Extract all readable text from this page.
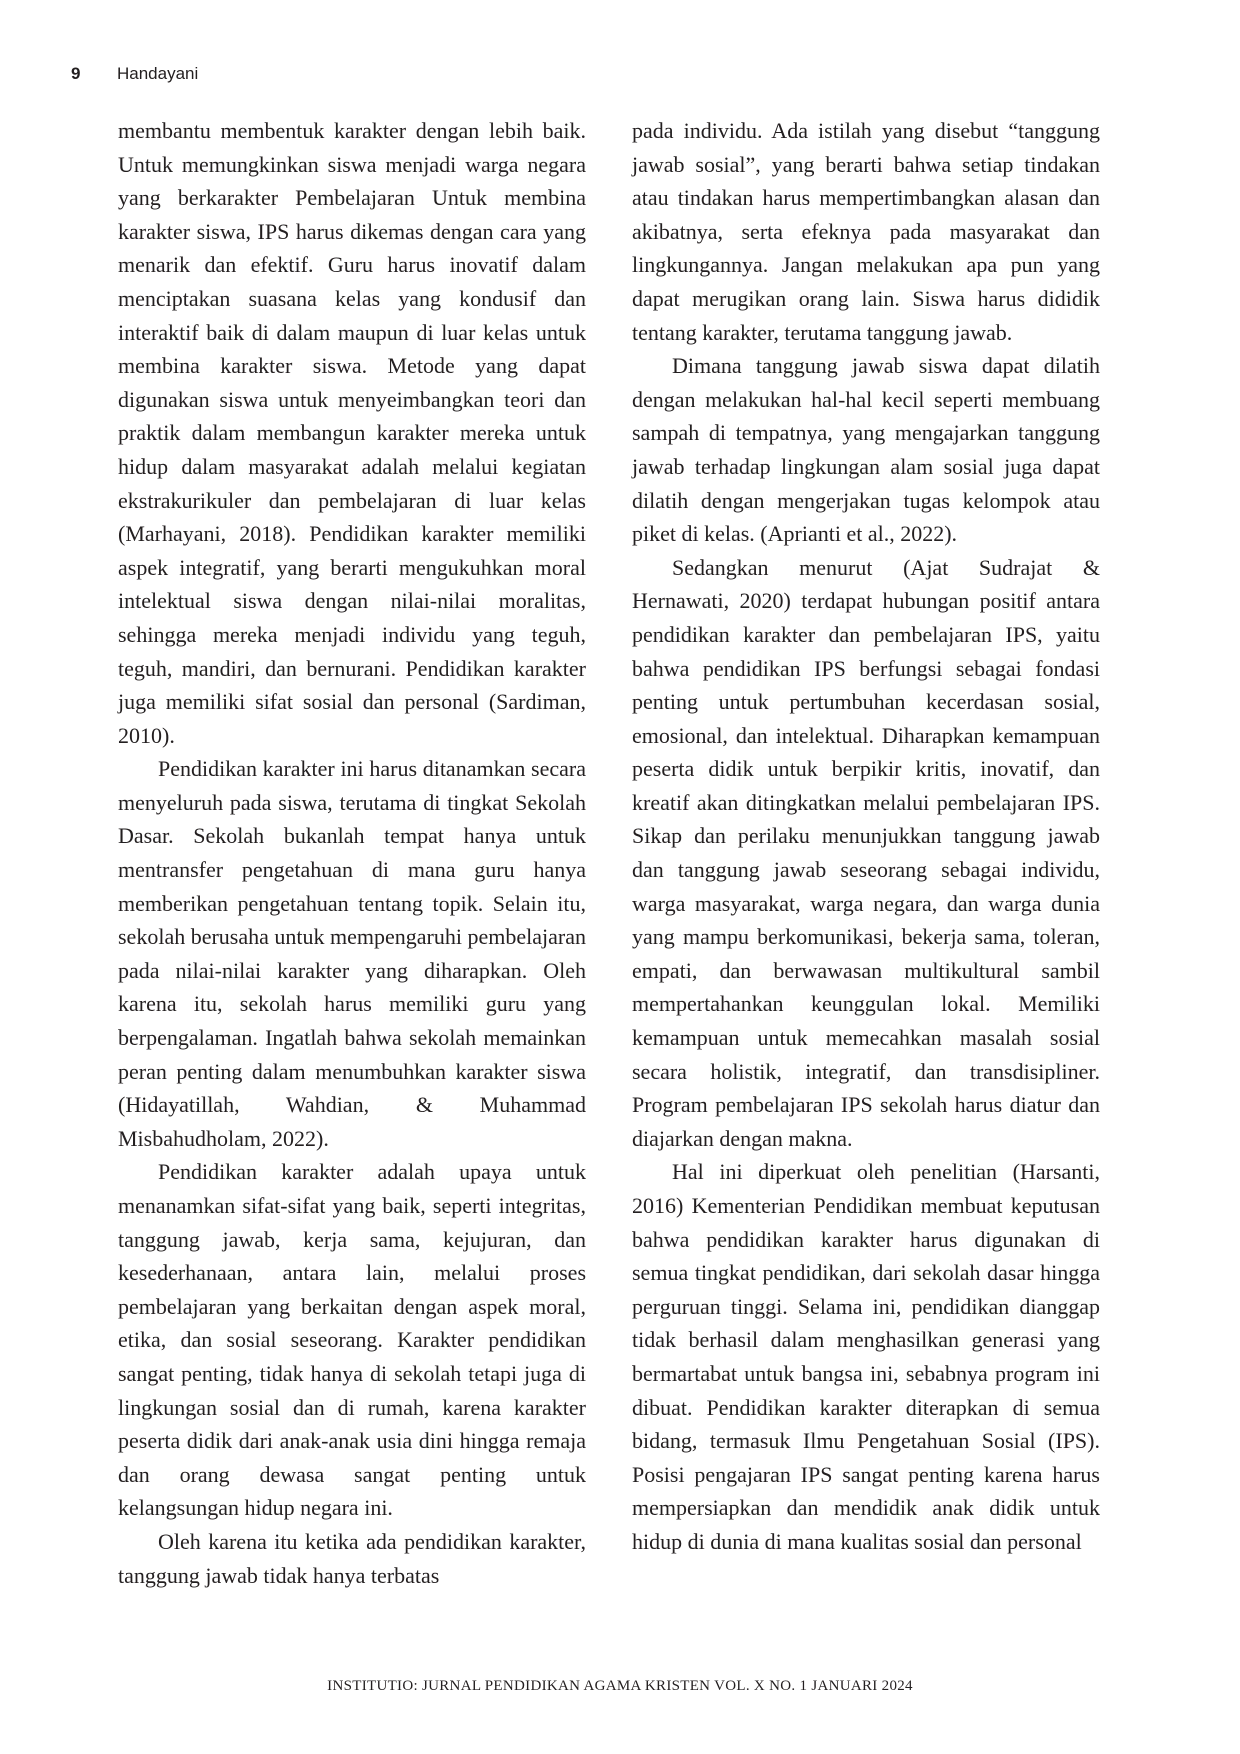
9 Handayani

membantu membentuk karakter dengan lebih baik. Untuk memungkinkan siswa menjadi warga negara yang berkarakter Pembelajaran Untuk membina karakter siswa, IPS harus dikemas dengan cara yang menarik dan efektif. Guru harus inovatif dalam menciptakan suasana kelas yang kondusif dan interaktif baik di dalam maupun di luar kelas untuk membina karakter siswa. Metode yang dapat digunakan siswa untuk menyeimbangkan teori dan praktik dalam membangun karakter mereka untuk hidup dalam masyarakat adalah melalui kegiatan ekstrakurikuler dan pembelajaran di luar kelas (Marhayani, 2018). Pendidikan karakter memiliki aspek integratif, yang berarti mengukuhkan moral intelektual siswa dengan nilai-nilai moralitas, sehingga mereka menjadi individu yang teguh, teguh, mandiri, dan bernurani. Pendidikan karakter juga memiliki sifat sosial dan personal (Sardiman, 2010).

Pendidikan karakter ini harus ditanamkan secara menyeluruh pada siswa, terutama di tingkat Sekolah Dasar. Sekolah bukanlah tempat hanya untuk mentransfer pengetahuan di mana guru hanya memberikan pengetahuan tentang topik. Selain itu, sekolah berusaha untuk mempengaruhi pembelajaran pada nilai-nilai karakter yang diharapkan. Oleh karena itu, sekolah harus memiliki guru yang berpengalaman. Ingatlah bahwa sekolah memainkan peran penting dalam menumbuhkan karakter siswa (Hidayatillah, Wahdian, & Muhammad Misbahudholam, 2022).

Pendidikan karakter adalah upaya untuk menanamkan sifat-sifat yang baik, seperti integritas, tanggung jawab, kerja sama, kejujuran, dan kesederhanaan, antara lain, melalui proses pembelajaran yang berkaitan dengan aspek moral, etika, dan sosial seseorang. Karakter pendidikan sangat penting, tidak hanya di sekolah tetapi juga di lingkungan sosial dan di rumah, karena karakter peserta didik dari anak-anak usia dini hingga remaja dan orang dewasa sangat penting untuk kelangsungan hidup negara ini.

Oleh karena itu ketika ada pendidikan karakter, tanggung jawab tidak hanya terbatas

pada individu. Ada istilah yang disebut “tanggung jawab sosial”, yang berarti bahwa setiap tindakan atau tindakan harus mempertimbangkan alasan dan akibatnya, serta efeknya pada masyarakat dan lingkungannya. Jangan melakukan apa pun yang dapat merugikan orang lain. Siswa harus dididik tentang karakter, terutama tanggung jawab.

Dimana tanggung jawab siswa dapat dilatih dengan melakukan hal-hal kecil seperti membuang sampah di tempatnya, yang mengajarkan tanggung jawab terhadap lingkungan alam sosial juga dapat dilatih dengan mengerjakan tugas kelompok atau piket di kelas. (Aprianti et al., 2022).

Sedangkan menurut (Ajat Sudrajat & Hernawati, 2020) terdapat hubungan positif antara pendidikan karakter dan pembelajaran IPS, yaitu bahwa pendidikan IPS berfungsi sebagai fondasi penting untuk pertumbuhan kecerdasan sosial, emosional, dan intelektual. Diharapkan kemampuan peserta didik untuk berpikir kritis, inovatif, dan kreatif akan ditingkatkan melalui pembelajaran IPS. Sikap dan perilaku menunjukkan tanggung jawab dan tanggung jawab seseorang sebagai individu, warga masyarakat, warga negara, dan warga dunia yang mampu berkomunikasi, bekerja sama, toleran, empati, dan berwawasan multikultural sambil mempertahankan keunggulan lokal. Memiliki kemampuan untuk memecahkan masalah sosial secara holistik, integratif, dan transdisipliner. Program pembelajaran IPS sekolah harus diatur dan diajarkan dengan makna.

Hal ini diperkuat oleh penelitian (Harsanti, 2016) Kementerian Pendidikan membuat keputusan bahwa pendidikan karakter harus digunakan di semua tingkat pendidikan, dari sekolah dasar hingga perguruan tinggi. Selama ini, pendidikan dianggap tidak berhasil dalam menghasilkan generasi yang bermartabat untuk bangsa ini, sebabnya program ini dibuat. Pendidikan karakter diterapkan di semua bidang, termasuk Ilmu Pengetahuan Sosial (IPS). Posisi pengajaran IPS sangat penting karena harus mempersiapkan dan mendidik anak didik untuk hidup di dunia di mana kualitas sosial dan personal

INSTITUTIO: JURNAL PENDIDIKAN AGAMA KRISTEN VOL. X NO. 1 JANUARI 2024
